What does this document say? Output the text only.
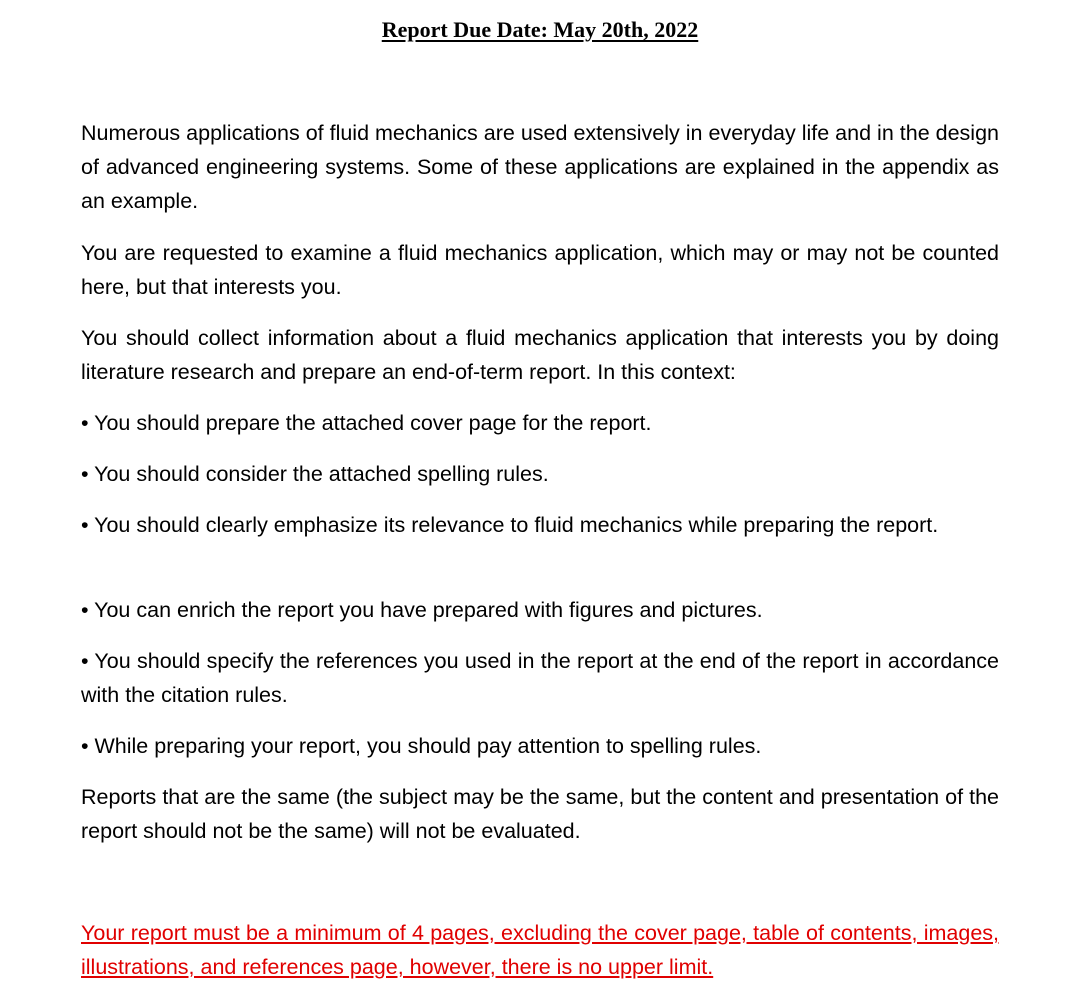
Report Due Date: May 20th, 2022
Numerous applications of fluid mechanics are used extensively in everyday life and in the design of advanced engineering systems. Some of these applications are explained in the appendix as an example.
You are requested to examine a fluid mechanics application, which may or may not be counted here, but that interests you.
You should collect information about a fluid mechanics application that interests you by doing literature research and prepare an end-of-term report. In this context:
• You should prepare the attached cover page for the report.
• You should consider the attached spelling rules.
• You should clearly emphasize its relevance to fluid mechanics while preparing the report.
• You can enrich the report you have prepared with figures and pictures.
• You should specify the references you used in the report at the end of the report in accordance with the citation rules.
• While preparing your report, you should pay attention to spelling rules.
Reports that are the same (the subject may be the same, but the content and presentation of the report should not be the same) will not be evaluated.
Your report must be a minimum of 4 pages, excluding the cover page, table of contents, images, illustrations, and references page, however, there is no upper limit.
